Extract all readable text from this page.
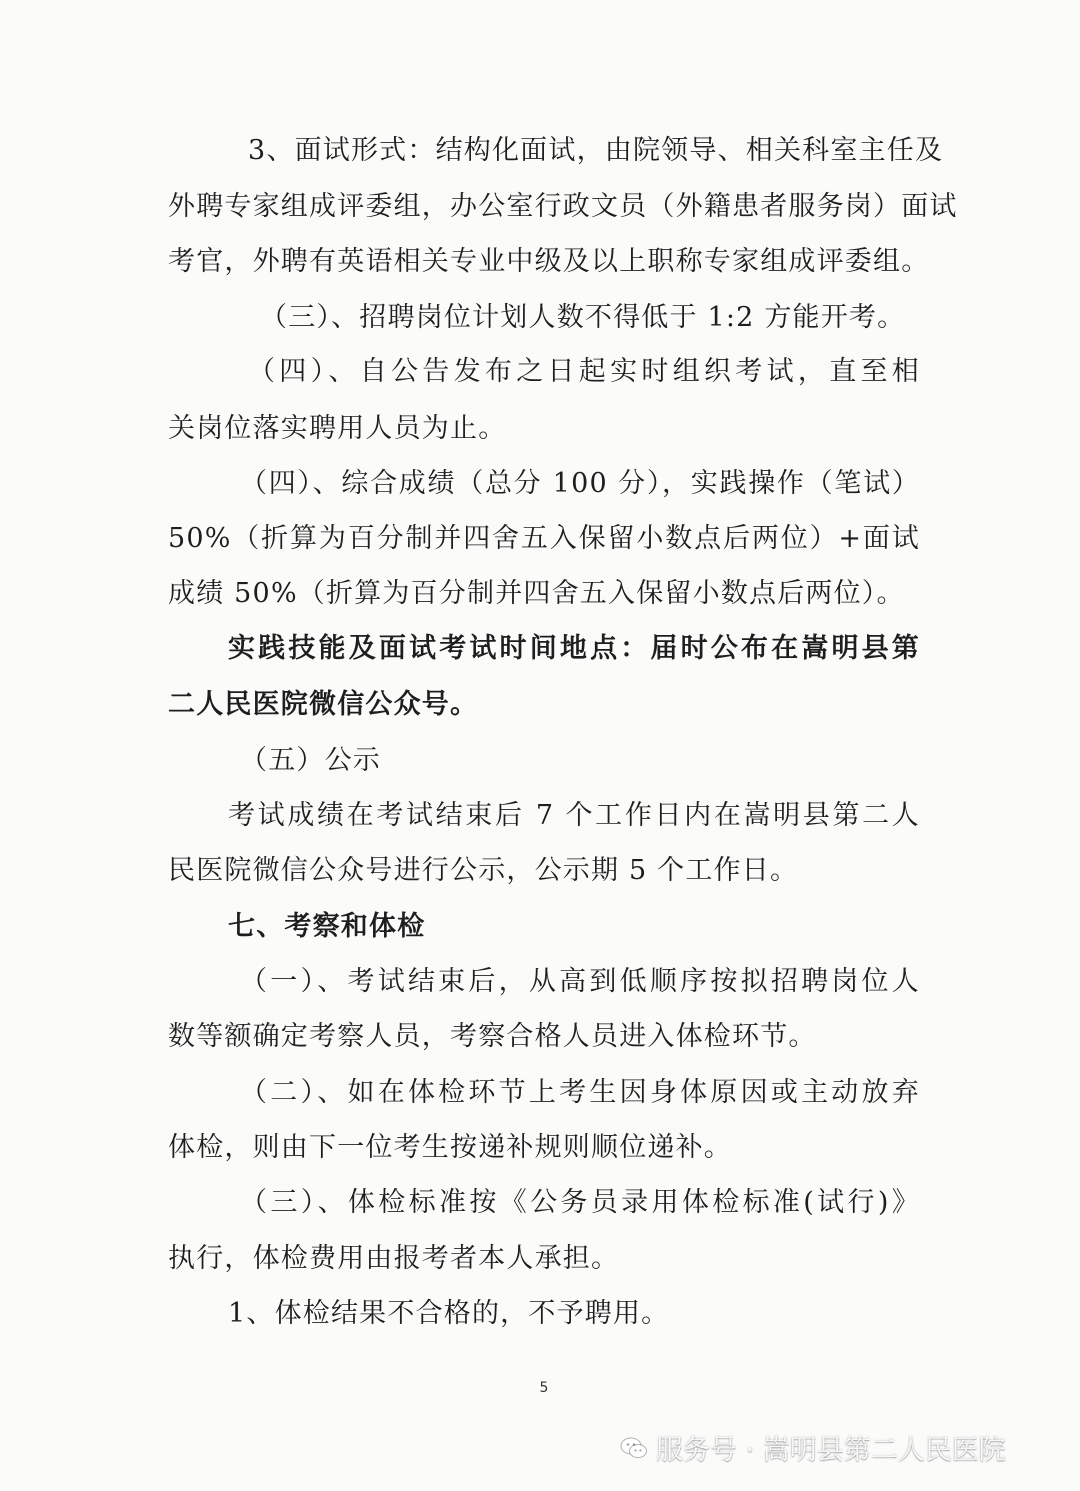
3、面试形式：结构化面试，由院领导、相关科室主任及
外聘专家组成评委组，办公室行政文员（外籍患者服务岗）面试
考官，外聘有英语相关专业中级及以上职称专家组成评委组。
（三）、招聘岗位计划人数不得低于 1:2 方能开考。
（四）、自公告发布之日起实时组织考试，直至相
关岗位落实聘用人员为止。
（四）、综合成绩（总分 100 分），实践操作（笔试）
50%（折算为百分制并四舍五入保留小数点后两位）+面试
成绩 50%（折算为百分制并四舍五入保留小数点后两位）。
实践技能及面试考试时间地点：届时公布在嵩明县第
二人民医院微信公众号。
（五）公示
考试成绩在考试结束后 7 个工作日内在嵩明县第二人
民医院微信公众号进行公示，公示期 5 个工作日。
七、考察和体检
（一）、考试结束后，从高到低顺序按拟招聘岗位人
数等额确定考察人员，考察合格人员进入体检环节。
（二）、如在体检环节上考生因身体原因或主动放弃
体检，则由下一位考生按递补规则顺位递补。
（三）、体检标准按《公务员录用体检标准(试行)》
执行，体检费用由报考者本人承担。
1、体检结果不合格的，不予聘用。
5
服务号 · 嵩明县第二人民医院
